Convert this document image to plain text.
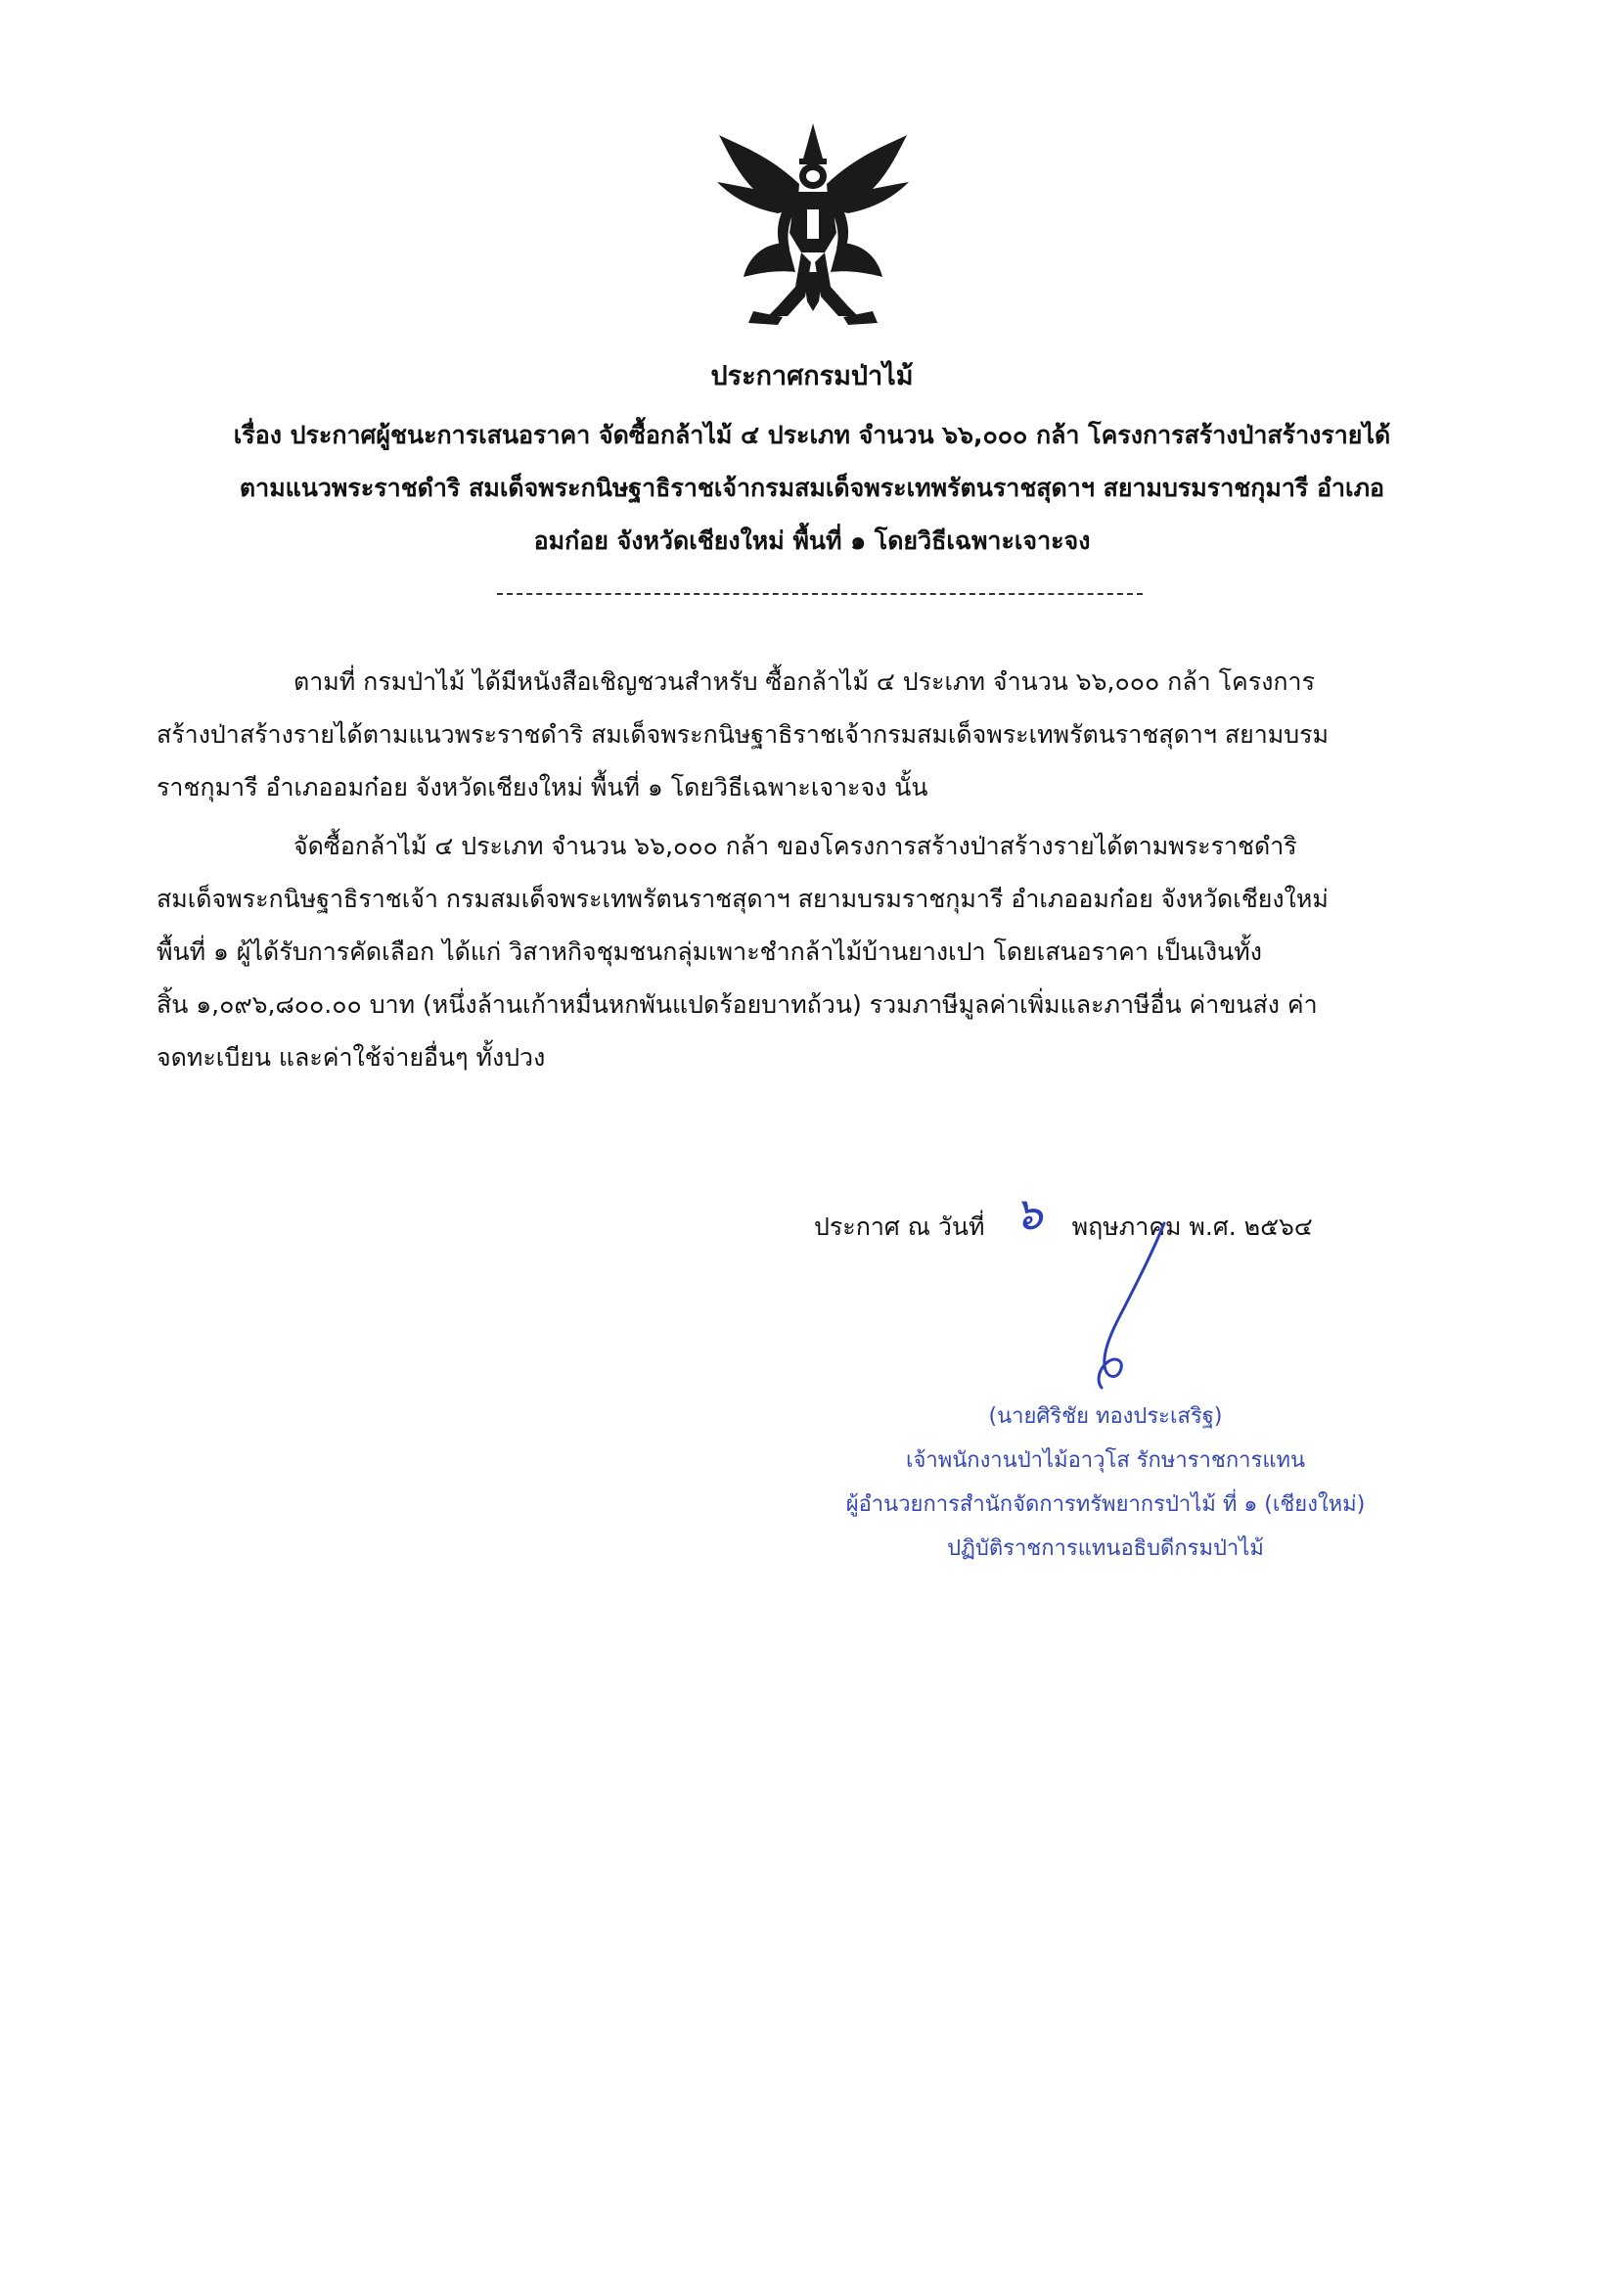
ประกาศกรมป่าไม้
เรื่อง ประกาศผู้ชนะการเสนอราคา จัดซื้อกล้าไม้ ๔ ประเภท จำนวน ๖๖,๐๐๐ กล้า โครงการสร้างป่าสร้างรายได้
ตามแนวพระราชดำริ สมเด็จพระกนิษฐาธิราชเจ้ากรมสมเด็จพระเทพรัตนราชสุดาฯ สยามบรมราชกุมารี อำเภอ
อมก๋อย จังหวัดเชียงใหม่ พื้นที่ ๑ โดยวิธีเฉพาะเจาะจง
ตามที่ กรมป่าไม้ ได้มีหนังสือเชิญชวนสำหรับ ซื้อกล้าไม้ ๔ ประเภท จำนวน ๖๖,๐๐๐ กล้า โครงการ
สร้างป่าสร้างรายได้ตามแนวพระราชดำริ สมเด็จพระกนิษฐาธิราชเจ้ากรมสมเด็จพระเทพรัตนราชสุดาฯ สยามบรม
ราชกุมารี อำเภออมก๋อย จังหวัดเชียงใหม่ พื้นที่ ๑ โดยวิธีเฉพาะเจาะจง นั้น
จัดซื้อกล้าไม้ ๔ ประเภท จำนวน ๖๖,๐๐๐ กล้า ของโครงการสร้างป่าสร้างรายได้ตามพระราชดำริ
สมเด็จพระกนิษฐาธิราชเจ้า กรมสมเด็จพระเทพรัตนราชสุดาฯ สยามบรมราชกุมารี อำเภออมก๋อย จังหวัดเชียงใหม่
พื้นที่ ๑ ผู้ได้รับการคัดเลือก ได้แก่ วิสาหกิจชุมชนกลุ่มเพาะชำกล้าไม้บ้านยางเปา โดยเสนอราคา เป็นเงินทั้ง
สิ้น ๑,๐๙๖,๘๐๐.๐๐ บาท (หนึ่งล้านเก้าหมื่นหกพันแปดร้อยบาทถ้วน) รวมภาษีมูลค่าเพิ่มและภาษีอื่น ค่าขนส่ง ค่า
จดทะเบียน และค่าใช้จ่ายอื่นๆ ทั้งปวง
ประกาศ ณ วันที่ ๖ พฤษภาคม พ.ศ. ๒๕๖๔
(นายศิริชัย ทองประเสริฐ)
เจ้าพนักงานป่าไม้อาวุโส รักษาราชการแทน
ผู้อำนวยการสำนักจัดการทรัพยากรป่าไม้ ที่ ๑ (เชียงใหม่)
ปฏิบัติราชการแทนอธิบดีกรมป่าไม้
